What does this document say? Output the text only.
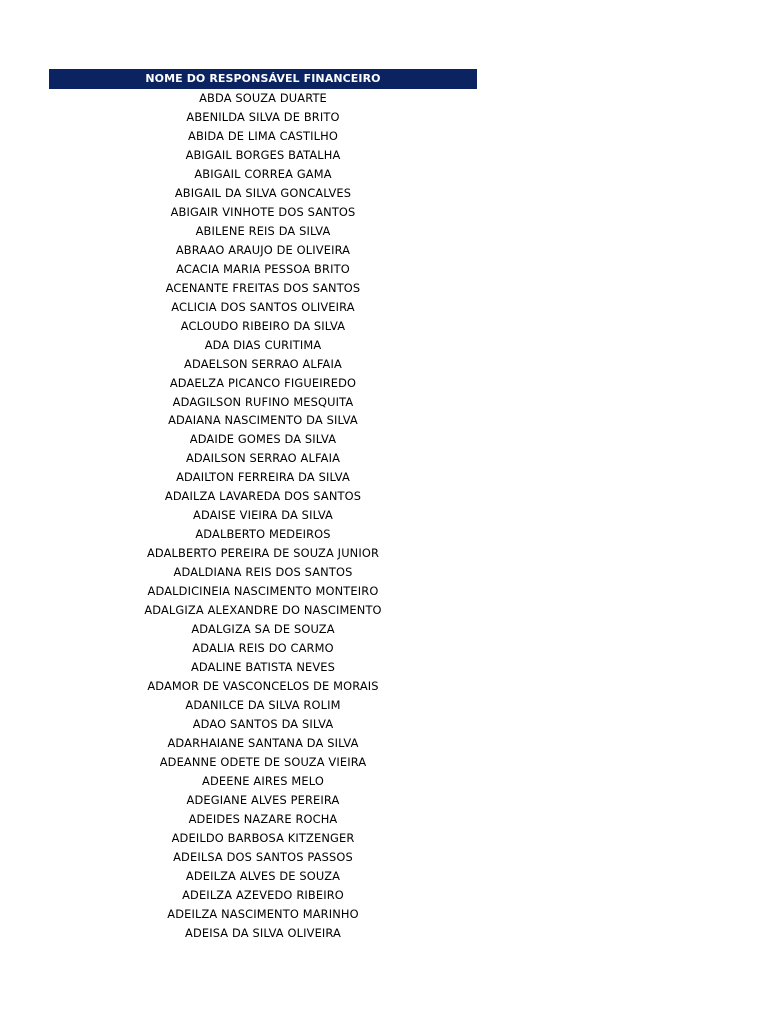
NOME DO RESPONSÁVEL FINANCEIRO
ABDA SOUZA DUARTE
ABENILDA SILVA DE BRITO
ABIDA DE LIMA CASTILHO
ABIGAIL BORGES BATALHA
ABIGAIL CORREA GAMA
ABIGAIL DA SILVA GONCALVES
ABIGAIR VINHOTE DOS SANTOS
ABILENE REIS DA SILVA
ABRAAO ARAUJO DE OLIVEIRA
ACACIA MARIA PESSOA BRITO
ACENANTE FREITAS DOS SANTOS
ACLICIA DOS SANTOS OLIVEIRA
ACLOUDO RIBEIRO DA SILVA
ADA DIAS CURITIMA
ADAELSON SERRAO ALFAIA
ADAELZA PICANCO FIGUEIREDO
ADAGILSON RUFINO MESQUITA
ADAIANA NASCIMENTO DA SILVA
ADAIDE GOMES DA SILVA
ADAILSON SERRAO ALFAIA
ADAILTON FERREIRA DA SILVA
ADAILZA LAVAREDA DOS SANTOS
ADAISE VIEIRA DA SILVA
ADALBERTO MEDEIROS
ADALBERTO PEREIRA DE SOUZA JUNIOR
ADALDIANA REIS DOS SANTOS
ADALDICINEIA NASCIMENTO MONTEIRO
ADALGIZA ALEXANDRE DO NASCIMENTO
ADALGIZA SA DE SOUZA
ADALIA REIS DO CARMO
ADALINE BATISTA NEVES
ADAMOR DE VASCONCELOS DE MORAIS
ADANILCE DA SILVA ROLIM
ADAO SANTOS DA SILVA
ADARHAIANE SANTANA DA SILVA
ADEANNE ODETE DE SOUZA VIEIRA
ADEENE AIRES MELO
ADEGIANE ALVES PEREIRA
ADEIDES NAZARE ROCHA
ADEILDO BARBOSA KITZENGER
ADEILSA DOS SANTOS PASSOS
ADEILZA ALVES DE SOUZA
ADEILZA AZEVEDO RIBEIRO
ADEILZA NASCIMENTO MARINHO
ADEISA DA SILVA OLIVEIRA
